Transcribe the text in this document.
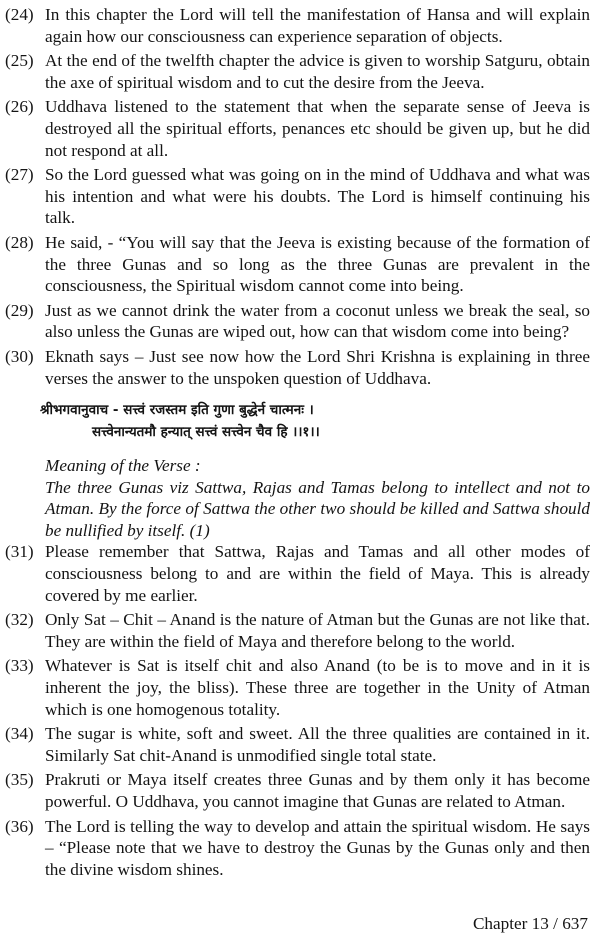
(24) In this chapter the Lord will tell the manifestation of Hansa and will explain again how our consciousness can experience separation of objects.
(25) At the end of the twelfth chapter the advice is given to worship Satguru, obtain the axe of spiritual wisdom and to cut the desire from the Jeeva.
(26) Uddhava listened to the statement that when the separate sense of Jeeva is destroyed all the spiritual efforts, penances etc should be given up, but he did not respond at all.
(27) So the Lord guessed what was going on in the mind of Uddhava and what was his intention and what were his doubts. The Lord is himself continuing his talk.
(28) He said, - “You will say that the Jeeva is existing because of the formation of the three Gunas and so long as the three Gunas are prevalent in the consciousness, the Spiritual wisdom cannot come into being.
(29) Just as we cannot drink the water from a coconut unless we break the seal, so also unless the Gunas are wiped out, how can that wisdom come into being?
(30) Eknath says – Just see now how the Lord Shri Krishna is explaining in three verses the answer to the unspoken question of Uddhava.
श्रीभगवानुवाच - सत्त्वं रजस्तम इति गुणा बुद्धेर्न चात्मनः ।
सत्त्वेनान्यतमौ हन्यात् सत्त्वं सत्त्वेन चैव हि ।।१।।
Meaning of the Verse :
The three Gunas viz Sattwa, Rajas and Tamas belong to intellect and not to Atman. By the force of Sattwa the other two should be killed and Sattwa should be nullified by itself. (1)
(31) Please remember that Sattwa, Rajas and Tamas and all other modes of consciousness belong to and are within the field of Maya. This is already covered by me earlier.
(32) Only Sat – Chit – Anand is the nature of Atman but the Gunas are not like that. They are within the field of Maya and therefore belong to the world.
(33) Whatever is Sat is itself chit and also Anand (to be is to move and in it is inherent the joy, the bliss). These three are together in the Unity of Atman which is one homogenous totality.
(34) The sugar is white, soft and sweet. All the three qualities are contained in it. Similarly Sat chit-Anand is unmodified single total state.
(35) Prakruti or Maya itself creates three Gunas and by them only it has become powerful. O Uddhava, you cannot imagine that Gunas are related to Atman.
(36) The Lord is telling the way to develop and attain the spiritual wisdom. He says – “Please note that we have to destroy the Gunas by the Gunas only and then the divine wisdom shines.
Chapter 13 / 637
